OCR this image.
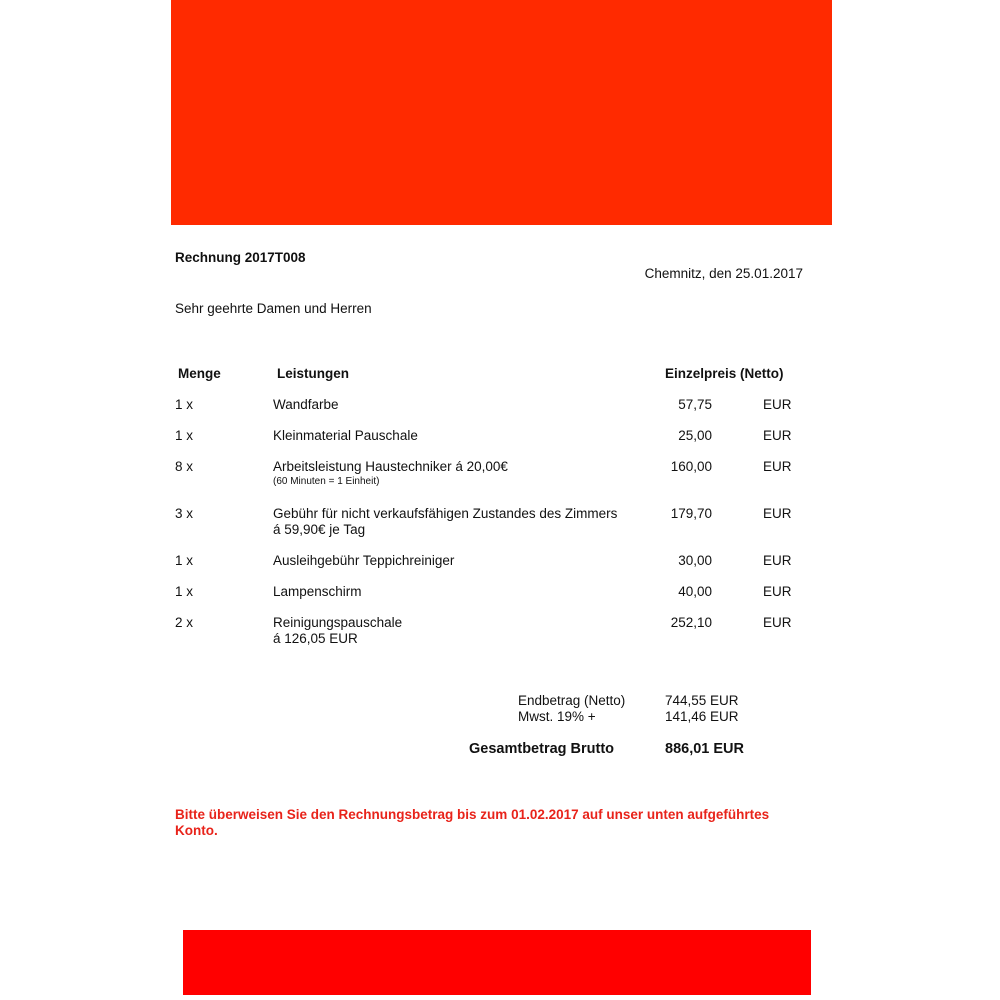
Rechnung 2017T008
Chemnitz, den 25.01.2017
Sehr geehrte Damen und Herren
Menge	Leistungen	Einzelpreis (Netto)
1 x	Wandfarbe	57,75	EUR
1 x	Kleinmaterial Pauschale	25,00	EUR
8 x	Arbeitsleistung Haustechniker á 20,00€
(60 Minuten = 1 Einheit)
160,00	EUR
3 x	Gebühr für nicht verkaufsfähigen Zustandes des Zimmers
á 59,90€ je Tag
179,70	EUR
1 x	Ausleihgebühr Teppichreiniger	30,00	EUR
1 x	Lampenschirm	40,00	EUR
2 x	Reinigungspauschale
á 126,05 EUR
252,10	EUR
Endbetrag (Netto)	744,55 EUR
Mwst. 19% +	141,46 EUR
Gesamtbetrag Brutto	886,01 EUR
Bitte überweisen Sie den Rechnungsbetrag bis zum 01.02.2017 auf unser unten aufgeführtes Konto.
